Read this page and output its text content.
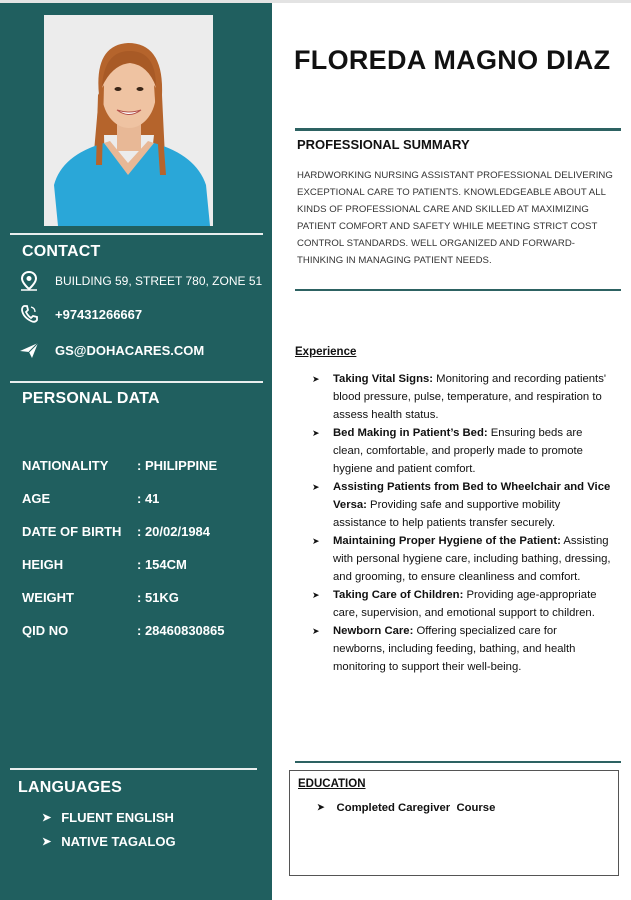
CONTACT
BUILDING 59, STREET 780, ZONE 51
+97431266667
GS@DOHACARES.COM
PERSONAL DATA
NATIONALITY	: PHILIPPINE
AGE	: 41
DATE OF BIRTH	: 20/02/1984
HEIGH	: 154CM
WEIGHT	: 51KG
QID NO	: 28460830865
LANGUAGES
➤ FLUENT ENGLISH
➤ NATIVE TAGALOG
FLOREDA MAGNO DIAZ
PROFESSIONAL SUMMARY
HARDWORKING NURSING ASSISTANT PROFESSIONAL DELIVERING EXCEPTIONAL CARE TO PATIENTS. KNOWLEDGEABLE ABOUT ALL KINDS OF PROFESSIONAL CARE AND SKILLED AT MAXIMIZING PATIENT COMFORT AND SAFETY WHILE MEETING STRICT COST CONTROL STANDARDS. WELL ORGANIZED AND FORWARD-THINKING IN MANAGING PATIENT NEEDS.
Experience
➤ Taking Vital Signs: Monitoring and recording patients' blood pressure, pulse, temperature, and respiration to assess health status.
➤ Bed Making in Patient’s Bed: Ensuring beds are clean, comfortable, and properly made to promote hygiene and patient comfort.
➤ Assisting Patients from Bed to Wheelchair and Vice Versa: Providing safe and supportive mobility assistance to help patients transfer securely.
➤ Maintaining Proper Hygiene of the Patient: Assisting with personal hygiene care, including bathing, dressing, and grooming, to ensure cleanliness and comfort.
➤ Taking Care of Children: Providing age-appropriate care, supervision, and emotional support to children.
➤ Newborn Care: Offering specialized care for newborns, including feeding, bathing, and health monitoring to support their well-being.
EDUCATION
➤ Completed Caregiver  Course
